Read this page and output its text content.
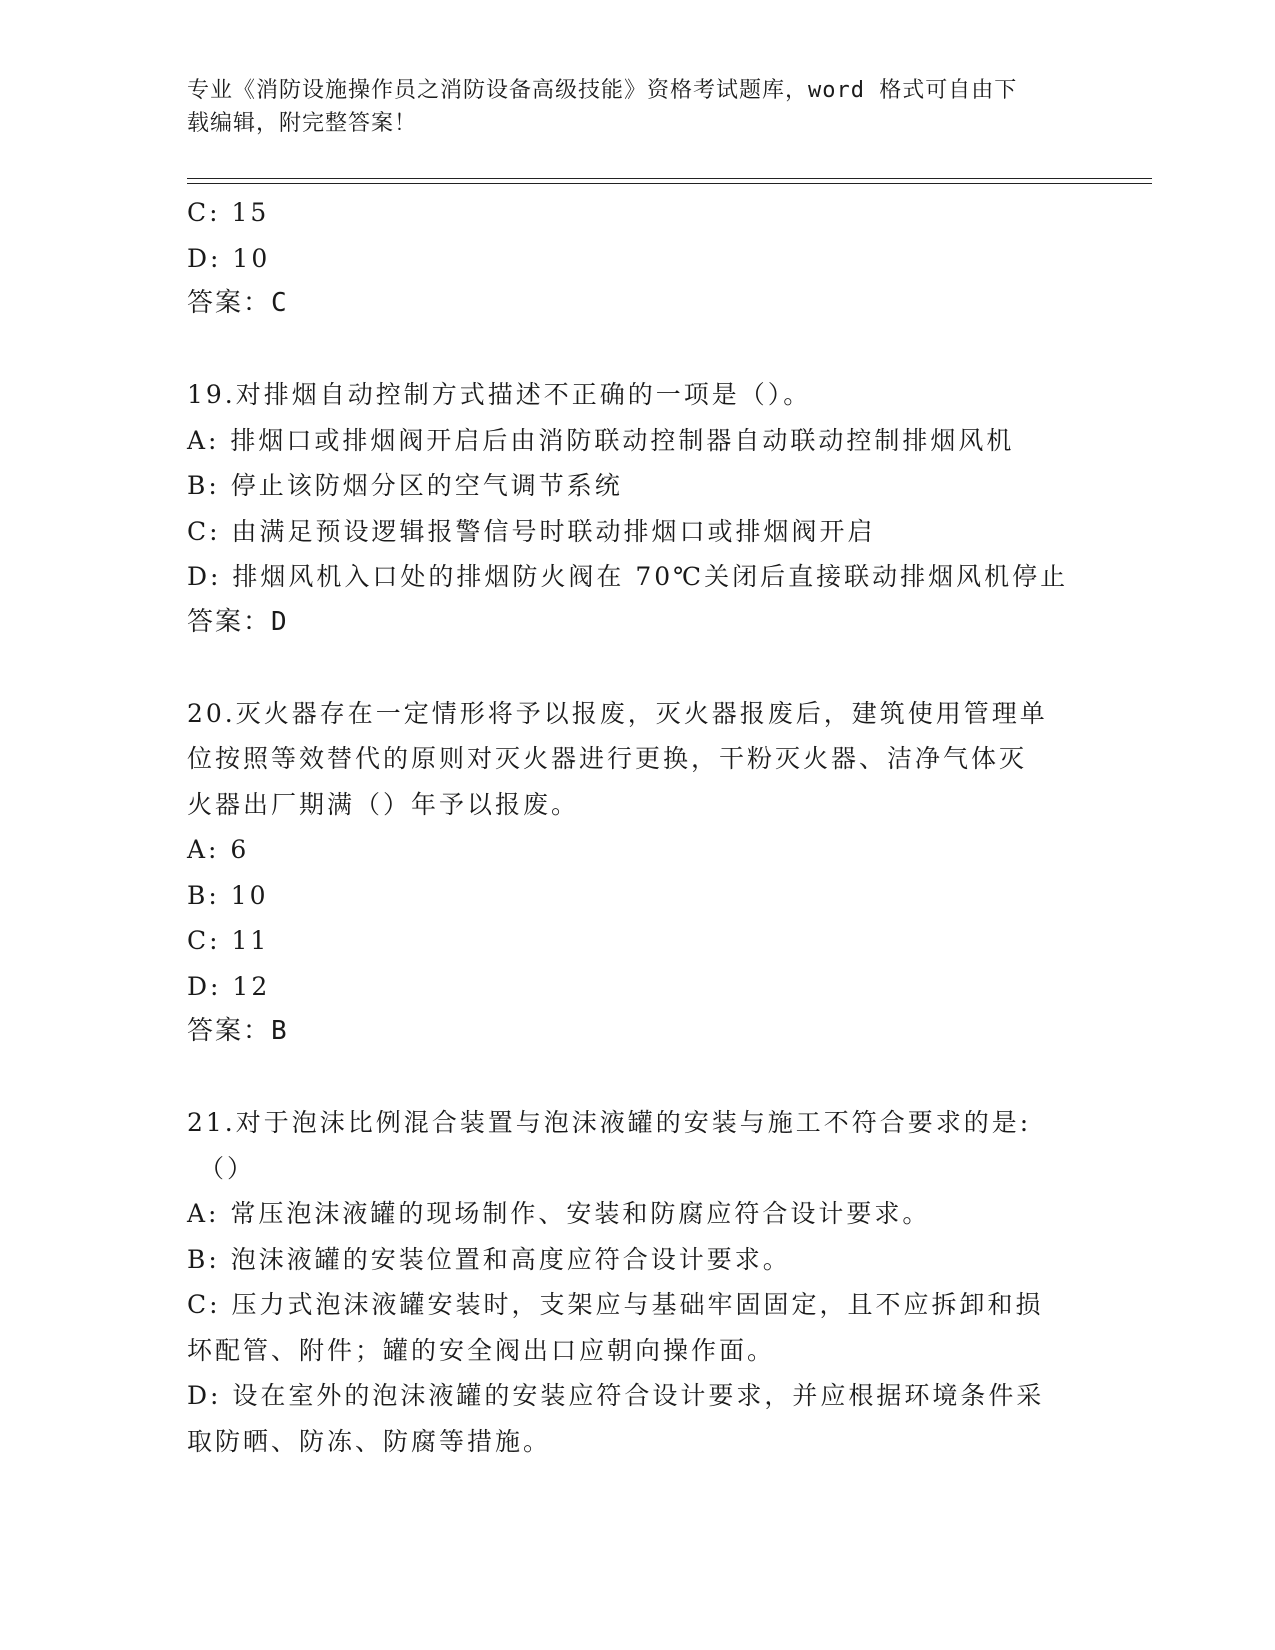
专业《消防设施操作员之消防设备高级技能》资格考试题库，word 格式可自由下
载编辑，附完整答案！
C: 15
D: 10
答案：C
19.对排烟自动控制方式描述不正确的一项是（）。
A: 排烟口或排烟阀开启后由消防联动控制器自动联动控制排烟风机
B: 停止该防烟分区的空气调节系统
C: 由满足预设逻辑报警信号时联动排烟口或排烟阀开启
D: 排烟风机入口处的排烟防火阀在 70℃关闭后直接联动排烟风机停止
答案：D
20.灭火器存在一定情形将予以报废，灭火器报废后，建筑使用管理单
位按照等效替代的原则对灭火器进行更换，干粉灭火器、洁净气体灭
火器出厂期满（）年予以报废。
A: 6
B: 10
C: 11
D: 12
答案：B
21.对于泡沫比例混合装置与泡沫液罐的安装与施工不符合要求的是:
（）
A: 常压泡沫液罐的现场制作、安装和防腐应符合设计要求。
B: 泡沫液罐的安装位置和高度应符合设计要求。
C: 压力式泡沫液罐安装时，支架应与基础牢固固定，且不应拆卸和损
坏配管、附件；罐的安全阀出口应朝向操作面。
D: 设在室外的泡沫液罐的安装应符合设计要求，并应根据环境条件采
取防晒、防冻、防腐等措施。
